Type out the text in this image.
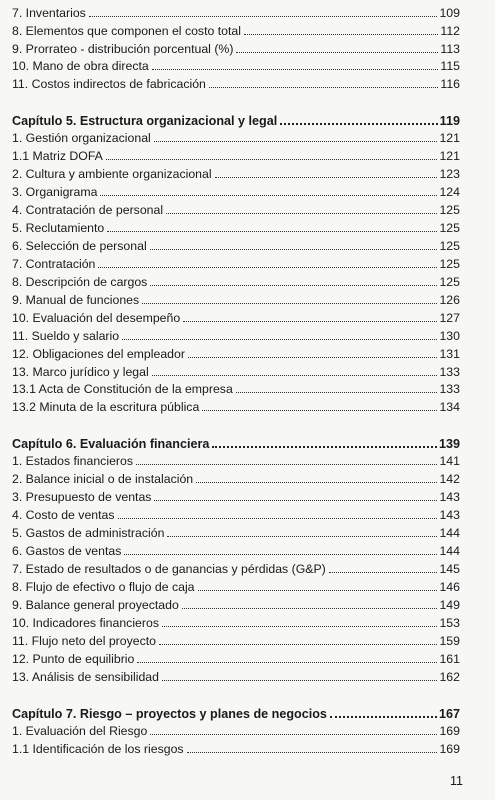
7. Inventarios	109
8. Elementos que componen el costo total	112
9. Prorrateo - distribución porcentual (%)	113
10. Mano de obra directa	115
11. Costos indirectos de fabricación	116
Capítulo 5. Estructura organizacional y legal	119
1. Gestión organizacional	121
1.1 Matriz DOFA	121
2. Cultura y ambiente organizacional	123
3. Organigrama	124
4. Contratación de personal	125
5. Reclutamiento	125
6. Selección de personal	125
7. Contratación	125
8. Descripción de cargos	125
9. Manual de funciones	126
10. Evaluación del desempeño	127
11. Sueldo y salario	130
12. Obligaciones del empleador	131
13. Marco jurídico y legal	133
13.1 Acta de Constitución de la empresa	133
13.2 Minuta de la escritura pública	134
Capítulo 6. Evaluación financiera	139
1. Estados financieros	141
2. Balance inicial o de instalación	142
3. Presupuesto de ventas	143
4. Costo de ventas	143
5. Gastos de administración	144
6. Gastos de ventas	144
7. Estado de resultados o de ganancias y pérdidas (G&P)	145
8. Flujo de efectivo o flujo de caja	146
9. Balance general proyectado	149
10. Indicadores financieros	153
11. Flujo neto del proyecto	159
12. Punto de equilibrio	161
13. Análisis de sensibilidad	162
Capítulo 7. Riesgo – proyectos y planes de negocios	167
1. Evaluación del Riesgo	169
1.1 Identificación de los riesgos	169
11
